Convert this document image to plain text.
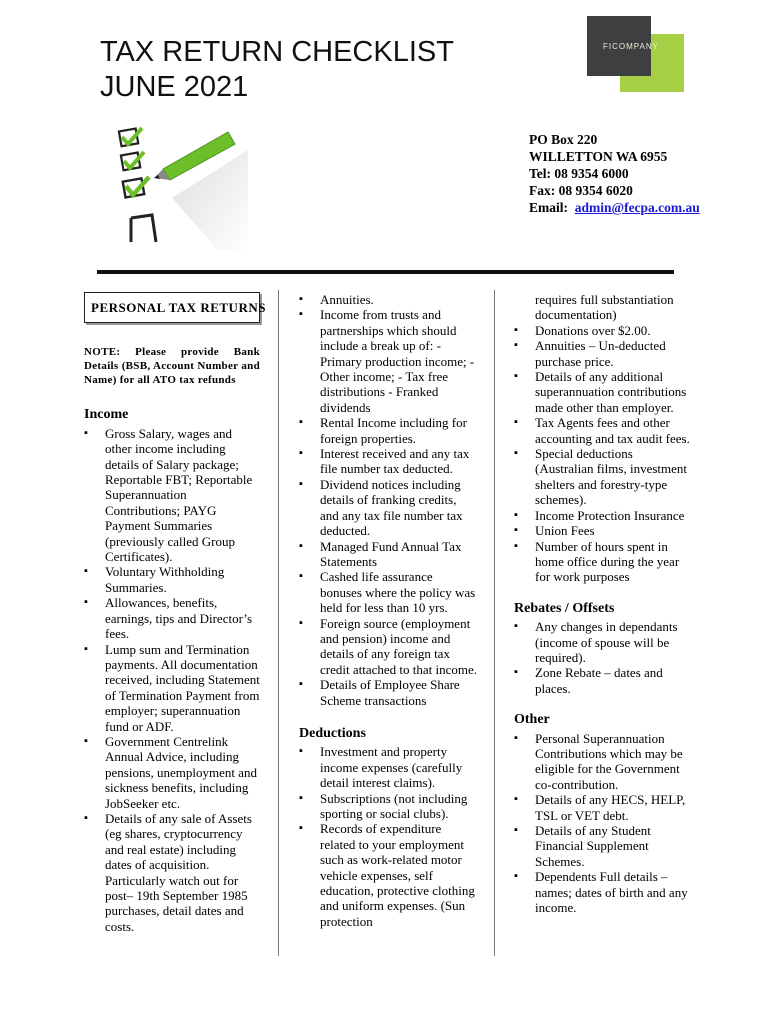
TAX RETURN CHECKLIST
JUNE 2021
FICOMPANY
PO Box 220
WILLETTON WA 6955
Tel: 08 9354 6000
Fax: 08 9354 6020
Email: admin@fecpa.com.au
PERSONAL TAX RETURNS
NOTE: Please provide Bank Details (BSB, Account Number and Name) for all ATO tax refunds
Income
▪ Gross Salary, wages and other income including details of Salary package; Reportable FBT; Reportable Superannuation Contributions; PAYG Payment Summaries (previously called Group Certificates).
▪ Voluntary Withholding Summaries.
▪ Allowances, benefits, earnings, tips and Director’s fees.
▪ Lump sum and Termination payments. All documentation received, including Statement of Termination Payment from employer; superannuation fund or ADF.
▪ Government Centrelink Annual Advice, including pensions, unemployment and sickness benefits, including JobSeeker etc.
▪ Details of any sale of Assets (eg shares, cryptocurrency and real estate) including dates of acquisition. Particularly watch out for post– 19th September 1985 purchases, detail dates and costs.
▪ Annuities.
▪ Income from trusts and partnerships which should include a break up of: - Primary production income; - Other income; - Tax free distributions - Franked dividends
▪ Rental Income including for foreign properties.
▪ Interest received and any tax file number tax deducted.
▪ Dividend notices including details of franking credits, and any tax file number tax deducted.
▪ Managed Fund Annual Tax Statements
▪ Cashed life assurance bonuses where the policy was held for less than 10 yrs.
▪ Foreign source (employment and pension) income and details of any foreign tax credit attached to that income.
▪ Details of Employee Share Scheme transactions
Deductions
▪ Investment and property income expenses (carefully detail interest claims).
▪ Subscriptions (not including sporting or social clubs).
▪ Records of expenditure related to your employment such as work-related motor vehicle expenses, self education, protective clothing and uniform expenses. (Sun protection
requires full substantiation documentation)
▪ Donations over $2.00.
▪ Annuities – Un-deducted purchase price.
▪ Details of any additional superannuation contributions made other than employer.
▪ Tax Agents fees and other accounting and tax audit fees.
▪ Special deductions (Australian films, investment shelters and forestry-type schemes).
▪ Income Protection Insurance
▪ Union Fees
▪ Number of hours spent in home office during the year for work purposes
Rebates / Offsets
▪ Any changes in dependants (income of spouse will be required).
▪ Zone Rebate – dates and places.
Other
▪ Personal Superannuation Contributions which may be eligible for the Government co-contribution.
▪ Details of any HECS, HELP, TSL or VET debt.
▪ Details of any Student Financial Supplement Schemes.
▪ Dependents Full details – names; dates of birth and any income.
